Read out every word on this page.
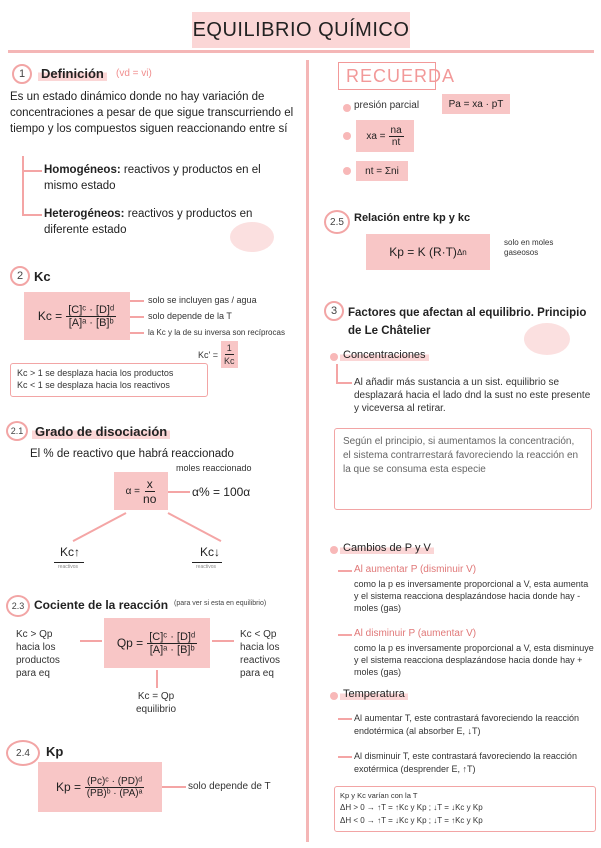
EQUILIBRIO QUÍMICO
1 Definición	(vd = vi)
Es un estado dinámico donde no hay variación de concentraciones a pesar de que sigue transcurriendo el tiempo y los compuestos siguen reaccionando entre sí
Homogéneos: reactivos y productos en el mismo estado
Heterogéneos: reactivos y productos en diferente estado
2 Kc
$Kc = \frac{\text{[C]ᶜ · [D]ᵈ}}{\text{[A]ᵃ · [B]ᵇ}}$
solo se incluyen gas / agua
solo depende de la T
la Kc y la de su inversa son recíprocas
$Kc' = \frac{1}{Kc}$
Kc > 1 se desplaza hacia los productos
Kc < 1 se desplaza hacia los reactivos
2.1 Grado de disociación
El % de reactivo que habrá reaccionado
$\alpha = \frac{x}{no}$
moles reaccionado
α% = 100α
Kc↑
reactivos
Kc↓
reactivos
2.3 Cociente de la reacción (para ver si esta en equilibrio)
$Qp = \frac{\text{[C]ᶜ · [D]ᵈ}}{\text{[A]ᵃ · [B]ᵇ}}$
Kc > Qp
hacia los
productos
para eq
Kc < Qp
hacia los
reactivos
para eq
Kc = Qp
equilibrio
2.4 Kp
$Kp = \frac{\text{(Pc)ᶜ · (PD)ᵈ}}{\text{(PB)ᵇ · (PA)ᵃ}}$	solo depende de T
RECUERDA
presión parcial	Pa = xa · pT
xa = $\frac{na}{nt}$
nt = Σni
2.5 Relación entre kp y kc
Kp = K (R·T) Δn
solo en moles gaseosos
3 Factores que afectan al equilibrio. Principio de Le Châtelier
Concentraciones
Al añadir más sustancia a un sist. equilibrio se desplazará hacia el lado dnd la sust no este presente y viceversa al retirar.
Según el principio, si aumentamos la concentración, el sistema contrarrestará favoreciendo la reacción en la que se consuma esta especie
Cambios de P y V
Al aumentar P (disminuir V)
como la p es inversamente proporcional a V, esta aumenta y el sistema reacciona desplazándose hacia donde hay - moles (gas)
Al disminuir P (aumentar V)
como la p es inversamente proporcional a V, esta disminuye y el sistema reacciona desplazándose hacia donde hay + moles (gas)
Temperatura
Al aumentar T, este contrastará favoreciendo la reacción endotérmica (al absorber E, ↓T)
Al disminuir T, este contrastará favoreciendo la reacción exotérmica (desprender E, ↑T)
Kp y Kc varían con la T
ΔH > 0 → ↑T = ↑Kc y Kp ; ↓T = ↓Kc y Kp
ΔH < 0 → ↑T = ↓Kc y Kp ; ↓T = ↑Kc y Kp
